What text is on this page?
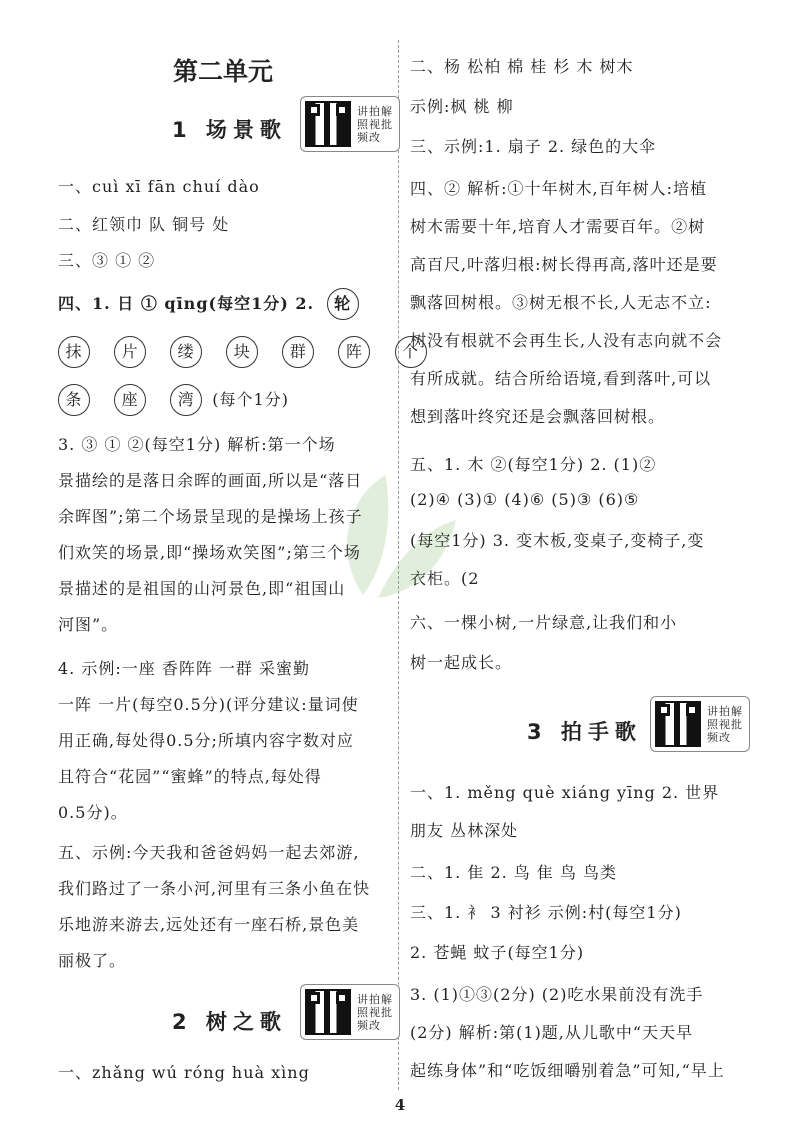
第二单元
1 场景歌
讲拍解照视批频改
一、cuì xī fān chuí dào
二、红领巾 队 铜号 处
三、③ ① ②
四、1. 日 ① qīng(每空1分) 2. 轮
抹 片 缕 块 群 阵 个
条 座 湾 (每个1分)
3. ③ ① ②(每空1分) 解析:第一个场
景描绘的是落日余晖的画面,所以是“落日
余晖图”;第二个场景呈现的是操场上孩子
们欢笑的场景,即“操场欢笑图”;第三个场
景描述的是祖国的山河景色,即“祖国山
河图”。
4. 示例:一座 香阵阵 一群 采蜜勤
一阵 一片(每空0.5分)(评分建议:量词使
用正确,每处得0.5分;所填内容字数对应
且符合“花园”“蜜蜂”的特点,每处得
0.5分)。
五、示例:今天我和爸爸妈妈一起去郊游,
我们路过了一条小河,河里有三条小鱼在快
乐地游来游去,远处还有一座石桥,景色美
丽极了。
2 树之歌
讲拍解照视批频改
一、zhǎng wú róng huà xìng
二、杨 松柏 棉 桂 杉 木 树木
示例:枫 桃 柳
三、示例:1. 扇子 2. 绿色的大伞
四、② 解析:①十年树木,百年树人:培植
树木需要十年,培育人才需要百年。②树
高百尺,叶落归根:树长得再高,落叶还是要
飘落回树根。③树无根不长,人无志不立:
树没有根就不会再生长,人没有志向就不会
有所成就。结合所给语境,看到落叶,可以
想到落叶终究还是会飘落回树根。
五、1. 木 ②(每空1分) 2. (1)②
(2)④ (3)① (4)⑥ (5)③ (6)⑤
(每空1分) 3. 变木板,变桌子,变椅子,变
衣柜。(2
六、一棵小树,一片绿意,让我们和小
树一起成长。
3 拍手歌
讲拍解照视批频改
一、1. měng què xiáng yīng 2. 世界
朋友 丛林深处
二、1. 隹 2. 鸟 隹 鸟 鸟类
三、1. 衤 3 衬衫 示例:村(每空1分)
2. 苍蝇 蚊子(每空1分)
3. (1)①③(2分) (2)吃水果前没有洗手
(2分) 解析:第(1)题,从儿歌中“天天早
起练身体”和“吃饭细嚼别着急”可知,“早上
4
